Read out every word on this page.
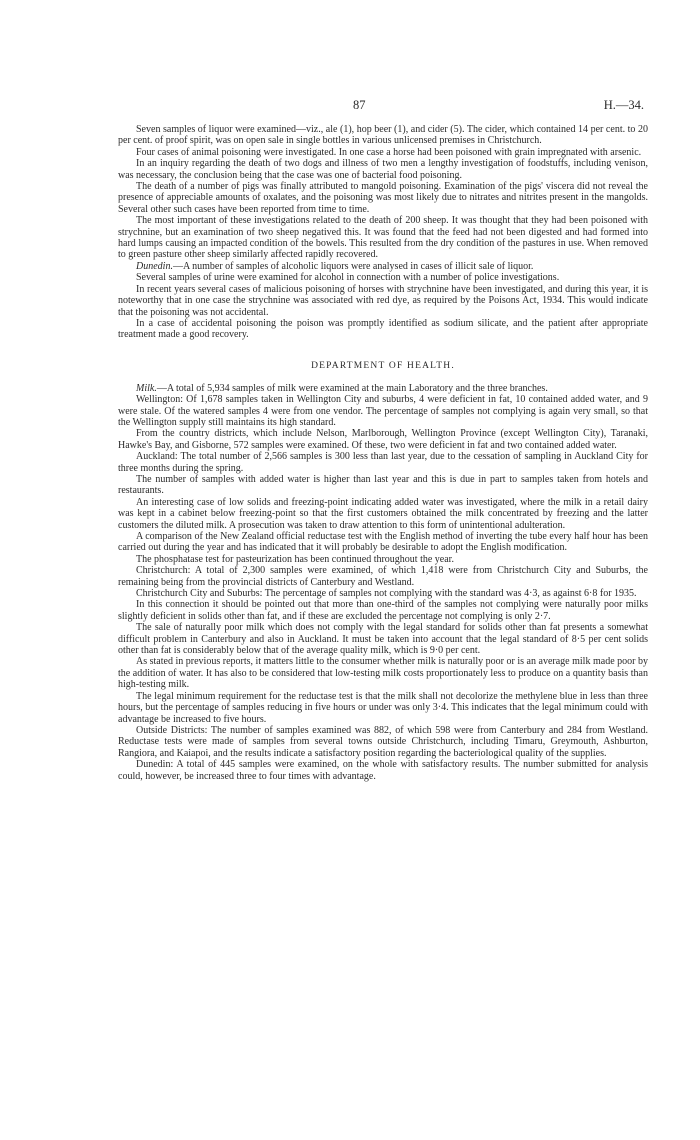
87	H.—34.

Seven samples of liquor were examined—viz., ale (1), hop beer (1), and cider (5). The cider, which contained 14 per cent. to 20 per cent. of proof spirit, was on open sale in single bottles in various unlicensed premises in Christchurch.

Four cases of animal poisoning were investigated. In one case a horse had been poisoned with grain impregnated with arsenic.

In an inquiry regarding the death of two dogs and illness of two men a lengthy investigation of foodstuffs, including venison, was necessary, the conclusion being that the case was one of bacterial food poisoning.

The death of a number of pigs was finally attributed to mangold poisoning. Examination of the pigs' viscera did not reveal the presence of appreciable amounts of oxalates, and the poisoning was most likely due to nitrates and nitrites present in the mangolds. Several other such cases have been reported from time to time.

The most important of these investigations related to the death of 200 sheep. It was thought that they had been poisoned with strychnine, but an examination of two sheep negatived this. It was found that the feed had not been digested and had formed into hard lumps causing an impacted condition of the bowels. This resulted from the dry condition of the pastures in use. When removed to green pasture other sheep similarly affected rapidly recovered.

Dunedin.—A number of samples of alcoholic liquors were analysed in cases of illicit sale of liquor.

Several samples of urine were examined for alcohol in connection with a number of police investigations.

In recent years several cases of malicious poisoning of horses with strychnine have been investigated, and during this year, it is noteworthy that in one case the strychnine was associated with red dye, as required by the Poisons Act, 1934. This would indicate that the poisoning was not accidental.

In a case of accidental poisoning the poison was promptly identified as sodium silicate, and the patient after appropriate treatment made a good recovery.

DEPARTMENT OF HEALTH.

Milk.—A total of 5,934 samples of milk were examined at the main Laboratory and the three branches.

Wellington: Of 1,678 samples taken in Wellington City and suburbs, 4 were deficient in fat, 10 contained added water, and 9 were stale. Of the watered samples 4 were from one vendor. The percentage of samples not complying is again very small, so that the Wellington supply still maintains its high standard.

From the country districts, which include Nelson, Marlborough, Wellington Province (except Wellington City), Taranaki, Hawke's Bay, and Gisborne, 572 samples were examined. Of these, two were deficient in fat and two contained added water.

Auckland: The total number of 2,566 samples is 300 less than last year, due to the cessation of sampling in Auckland City for three months during the spring.

The number of samples with added water is higher than last year and this is due in part to samples taken from hotels and restaurants.

An interesting case of low solids and freezing-point indicating added water was investigated, where the milk in a retail dairy was kept in a cabinet below freezing-point so that the first customers obtained the milk concentrated by freezing and the latter customers the diluted milk. A prosecution was taken to draw attention to this form of unintentional adulteration.

A comparison of the New Zealand official reductase test with the English method of inverting the tube every half hour has been carried out during the year and has indicated that it will probably be desirable to adopt the English modification.

The phosphatase test for pasteurization has been continued throughout the year.

Christchurch: A total of 2,300 samples were examined, of which 1,418 were from Christchurch City and Suburbs, the remaining being from the provincial districts of Canterbury and Westland.

Christchurch City and Suburbs: The percentage of samples not complying with the standard was 4·3, as against 6·8 for 1935.

In this connection it should be pointed out that more than one-third of the samples not complying were naturally poor milks slightly deficient in solids other than fat, and if these are excluded the percentage not complying is only 2·7.

The sale of naturally poor milk which does not comply with the legal standard for solids other than fat presents a somewhat difficult problem in Canterbury and also in Auckland. It must be taken into account that the legal standard of 8·5 per cent solids other than fat is considerably below that of the average quality milk, which is 9·0 per cent.

As stated in previous reports, it matters little to the consumer whether milk is naturally poor or is an average milk made poor by the addition of water. It has also to be considered that low-testing milk costs proportionately less to produce on a quantity basis than high-testing milk.

The legal minimum requirement for the reductase test is that the milk shall not decolorize the methylene blue in less than three hours, but the percentage of samples reducing in five hours or under was only 3·4. This indicates that the legal minimum could with advantage be increased to five hours.

Outside Districts: The number of samples examined was 882, of which 598 were from Canterbury and 284 from Westland. Reductase tests were made of samples from several towns outside Christchurch, including Timaru, Greymouth, Ashburton, Rangiora, and Kaiapoi, and the results indicate a satisfactory position regarding the bacteriological quality of the supplies.

Dunedin: A total of 445 samples were examined, on the whole with satisfactory results. The number submitted for analysis could, however, be increased three to four times with advantage.
